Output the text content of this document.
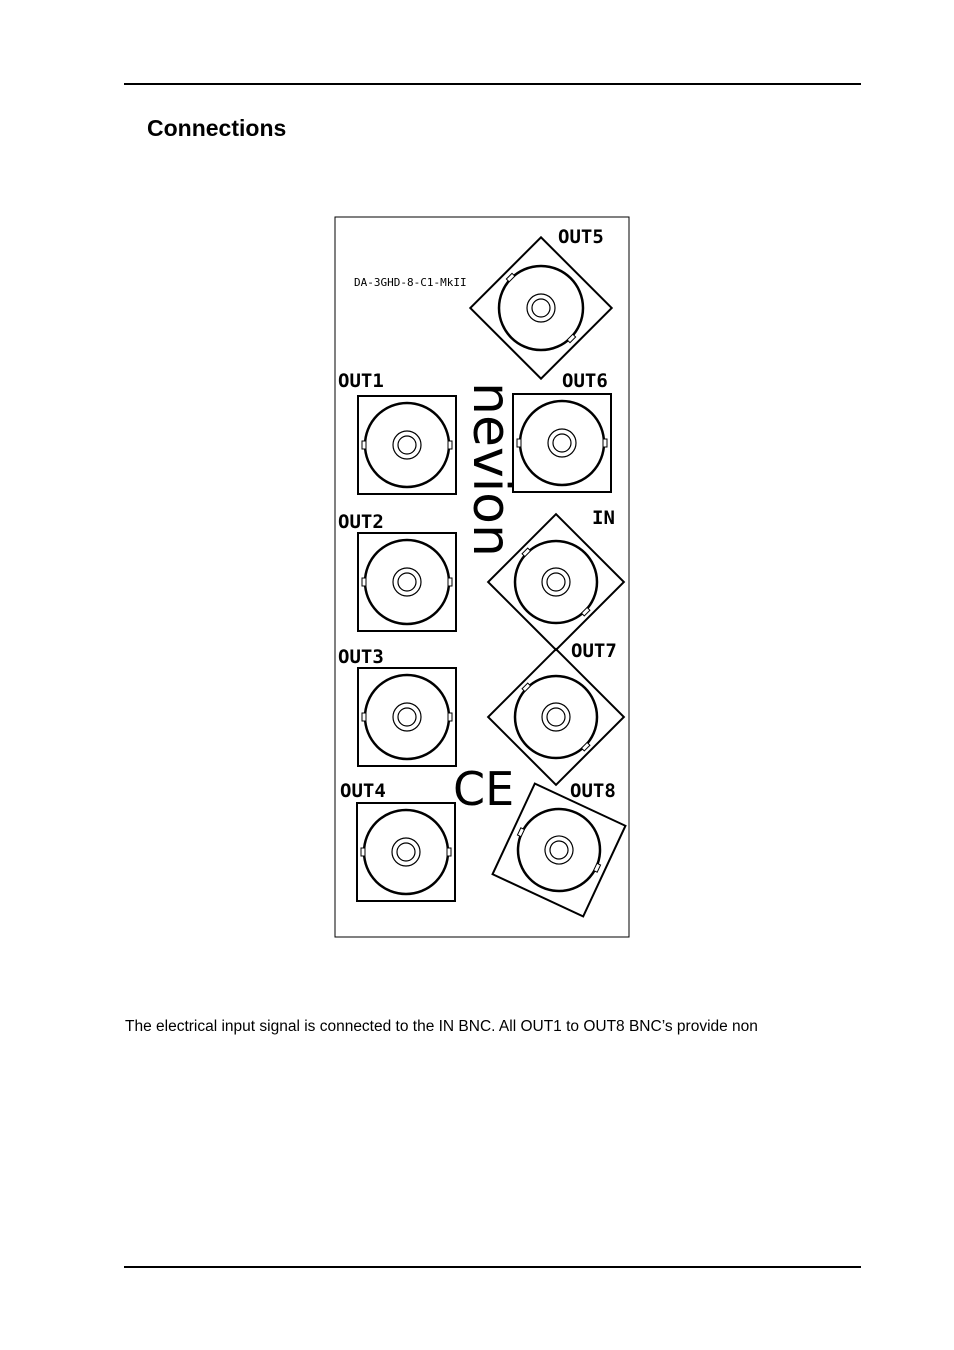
Connections
DA-3GHD-8-C1-MkII
OUT5
OUT1	OUT6
nevion
OUT2	IN
OUT3	OUT7
CE
OUT4	OUT8

The electrical input signal is connected to the IN BNC. All OUT1 to OUT8 BNC’s provide non
